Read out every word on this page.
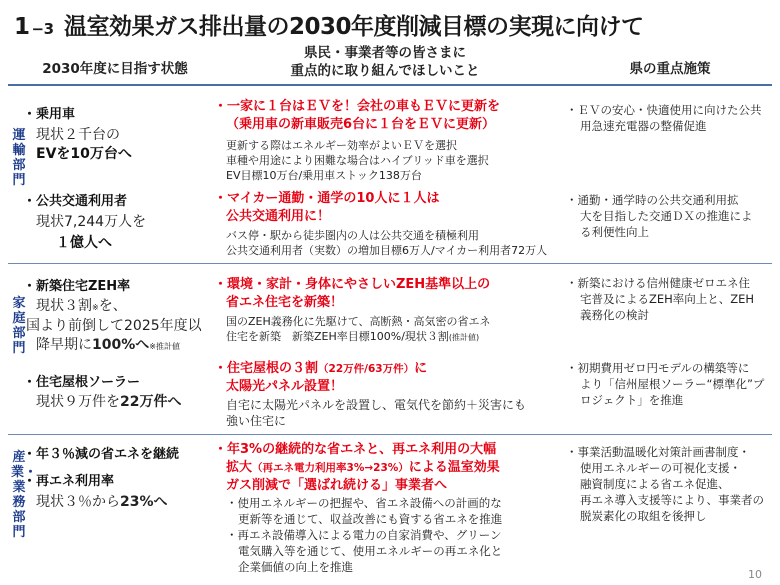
1 −3 温室効果ガス排出量の2030年度削減目標の実現に向けて
2030年度に目指す状態
県民・事業者等の皆さまに
重点的に取り組んでほしいこと	県の重点施策
運輸部門
・乗用車
現状２千台の
EVを10万台へ
・公共交通利用者
現状7,244万人を
１億人へ
・一家に１台はＥＶを！会社の車もＥＶに更新を
（乗用車の新車販売6台に１台をＥＶに更新）
更新する際はエネルギー効率がよいＥＶを選択
車種や用途により困難な場合はハイブリッド車を選択
EV目標10万台/乗用車ストック138万台
・マイカー通勤・通学の10人に１人は
公共交通利用に！
バス停・駅から徒歩圏内の人は公共交通を積極利用
公共交通利用者（実数）の増加目標6万人/マイカー利用者72万人
・ＥＶの安心・快適使用に向けた公共
用急速充電器の整備促進
・通勤・通学時の公共交通利用拡
大を目指した交通ＤＸの推進によ
る利便性向上
家庭部門
・新築住宅ZEH率
現状３割※を、
国より前倒して2025年度以
降早期に100%へ※推計値
・住宅屋根ソーラー
現状９万件を22万件へ
・環境・家計・身体にやさしいZEH基準以上の
省エネ住宅を新築！
国のZEH義務化に先駆けて、高断熱・高気密の省エネ
住宅を新築　新築ZEH率目標100%/現状３割(推計値)
・住宅屋根の３割（22万件/63万件）に
太陽光パネル設置！
自宅に太陽光パネルを設置し、電気代を節約＋災害にも
強い住宅に
・新築における信州健康ゼロエネ住
宅普及によるZEH率向上と、ZEH
義務化の検討
・初期費用ゼロ円モデルの構築等に
より「信州屋根ソーラー“標準化”プ
ロジェクト」を推進
産業・業務部門
・年３％減の省エネを継続
・再エネ利用率
現状３％から23%へ
・年3%の継続的な省エネと、再エネ利用の大幅
拡大（再エネ電力利用率3%→23%）による温室効果
ガス削減で「選ばれ続ける」事業者へ
・使用エネルギーの把握や、省エネ設備への計画的な
更新等を通じて、収益改善にも資する省エネを推進
・再エネ設備導入による電力の自家消費や、グリーン
電気購入等を通じて、使用エネルギーの再エネ化と
企業価値の向上を推進
・事業活動温暖化対策計画書制度・
使用エネルギーの可視化支援・
融資制度による省エネ促進、
再エネ導入支援等により、事業者の
脱炭素化の取組を後押し
10
